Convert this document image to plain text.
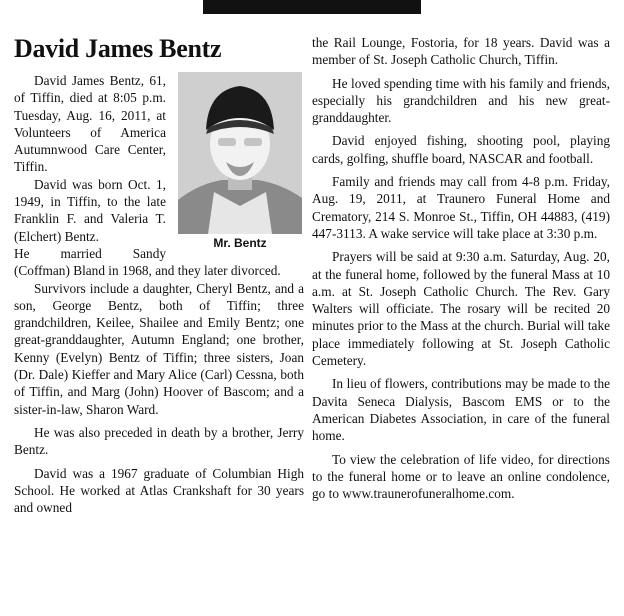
David James Bentz
Mr. Bentz

David James Bentz, 61, of Tiffin, died at 8:05 p.m. Tuesday, Aug. 16, 2011, at Volunteers of America Autumnwood Care Center, Tiffin.

David was born Oct. 1, 1949, in Tiffin, to the late Franklin F. and Valeria T. (Elchert) Bentz.

He married Sandy (Coffman) Bland in 1968, and they later divorced.

Survivors include a daughter, Cheryl Bentz, and a son, George Bentz, both of Tiffin; three grandchildren, Keilee, Shailee and Emily Bentz; one great-granddaughter, Autumn England; one brother, Kenny (Evelyn) Bentz of Tiffin; three sisters, Joan (Dr. Dale) Kieffer and Mary Alice (Carl) Cessna, both of Tiffin, and Marg (John) Hoover of Bascom; and a sister-in-law, Sharon Ward.

He was also preceded in death by a brother, Jerry Bentz.

David was a 1967 graduate of Columbian High School. He worked at Atlas Crankshaft for 30 years and owned

the Rail Lounge, Fostoria, for 18 years. David was a member of St. Joseph Catholic Church, Tiffin.

He loved spending time with his family and friends, especially his grandchildren and his new great-granddaughter.

David enjoyed fishing, shooting pool, playing cards, golfing, shuffle board, NASCAR and football.

Family and friends may call from 4-8 p.m. Friday, Aug. 19, 2011, at Traunero Funeral Home and Crematory, 214 S. Monroe St., Tiffin, OH 44883, (419) 447-3113. A wake service will take place at 3:30 p.m.

Prayers will be said at 9:30 a.m. Saturday, Aug. 20, at the funeral home, followed by the funeral Mass at 10 a.m. at St. Joseph Catholic Church. The Rev. Gary Walters will officiate. The rosary will be recited 20 minutes prior to the Mass at the church. Burial will take place immediately following at St. Joseph Catholic Cemetery.

In lieu of flowers, contributions may be made to the Davita Seneca Dialysis, Bascom EMS or to the American Diabetes Association, in care of the funeral home.

To view the celebration of life video, for directions to the funeral home or to leave an online condolence, go to www.traunerofuneralhome.com.
